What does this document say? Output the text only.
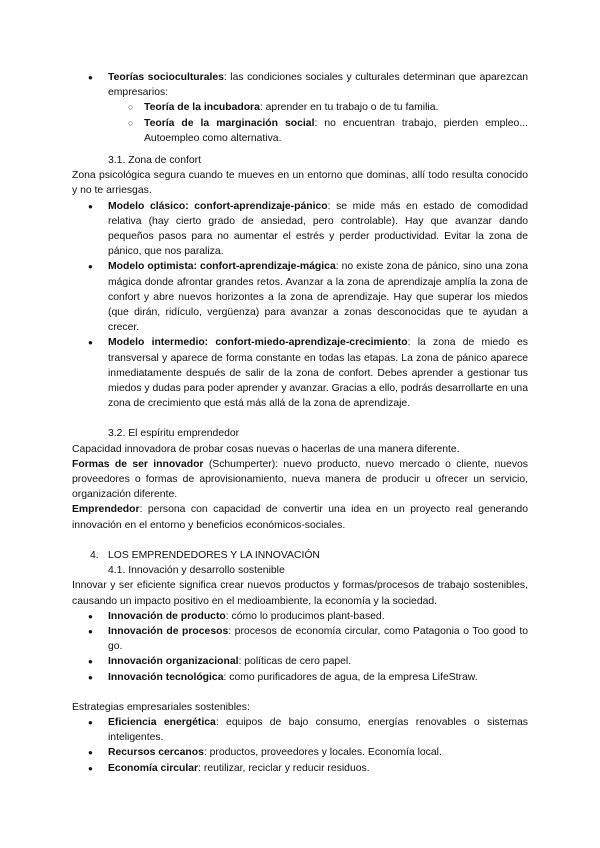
● Teorías socioculturales: las condiciones sociales y culturales determinan que aparezcan empresarios:
○ Teoría de la incubadora: aprender en tu trabajo o de tu familia.
○ Teoría de la marginación social: no encuentran trabajo, pierden empleo... Autoempleo como alternativa.

3.1. Zona de confort

Zona psicológica segura cuando te mueves en un entorno que dominas, allí todo resulta conocido y no te arriesgas.

● Modelo clásico: confort-aprendizaje-pánico: se mide más en estado de comodidad relativa (hay cierto grado de ansiedad, pero controlable). Hay que avanzar dando pequeños pasos para no aumentar el estrés y perder productividad. Evitar la zona de pánico, que nos paraliza.
● Modelo optimista: confort-aprendizaje-mágica: no existe zona de pánico, sino una zona mágica donde afrontar grandes retos. Avanzar a la zona de aprendizaje amplía la zona de confort y abre nuevos horizontes a la zona de aprendizaje. Hay que superar los miedos (que dirán, ridículo, vergüenza) para avanzar a zonas desconocidas que te ayudan a crecer.
● Modelo intermedio: confort-miedo-aprendizaje-crecimiento: la zona de miedo es transversal y aparece de forma constante en todas las etapas. La zona de pánico aparece inmediatamente después de salir de la zona de confort. Debes aprender a gestionar tus miedos y dudas para poder aprender y avanzar. Gracias a ello, podrás desarrollarte en una zona de crecimiento que está más allá de la zona de aprendizaje.

3.2. El espíritu emprendedor

Capacidad innovadora de probar cosas nuevas o hacerlas de una manera diferente.

Formas de ser innovador (Schumperter): nuevo producto, nuevo mercado o cliente, nuevos proveedores o formas de aprovisionamiento, nueva manera de producir u ofrecer un servicio, organización diferente.

Emprendedor: persona con capacidad de convertir una idea en un proyecto real generando innovación en el entorno y beneficios económicos-sociales.

4. LOS EMPRENDEDORES Y LA INNOVACIÓN

4.1. Innovación y desarrollo sostenible

Innovar y ser eficiente significa crear nuevos productos y formas/procesos de trabajo sostenibles, causando un impacto positivo en el medioambiente, la economía y la sociedad.

● Innovación de producto: cómo lo producimos plant-based.
● Innovación de procesos: procesos de economía circular, como Patagonia o Too good to go.
● Innovación organizacional: políticas de cero papel.
● Innovación tecnológica: como purificadores de agua, de la empresa LifeStraw.

Estrategias empresariales sostenibles:

● Eficiencia energética: equipos de bajo consumo, energías renovables o sistemas inteligentes.
● Recursos cercanos: productos, proveedores y locales. Economía local.
● Economía circular: reutilizar, reciclar y reducir residuos.
